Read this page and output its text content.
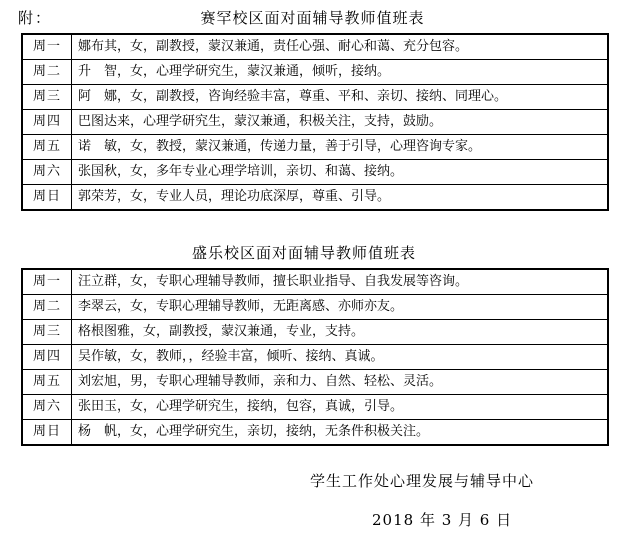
附：	赛罕校区面对面辅导教师值班表
周一	娜布其，女，副教授，蒙汉兼通，责任心强、耐心和蔼、充分包容。
周二	升　智，女，心理学研究生，蒙汉兼通，倾听，接纳。
周三	阿　娜，女，副教授，咨询经验丰富，尊重、平和、亲切、接纳、同理心。
周四	巴图达来，心理学研究生，蒙汉兼通，积极关注，支持，鼓励。
周五	诺　敏，女，教授，蒙汉兼通，传递力量，善于引导，心理咨询专家。
周六	张国秋，女，多年专业心理学培训，亲切、和蔼、接纳。
周日	郭荣芳，女，专业人员，理论功底深厚，尊重、引导。
盛乐校区面对面辅导教师值班表
周一	汪立群，女，专职心理辅导教师，擅长职业指导、自我发展等咨询。
周二	李翠云，女，专职心理辅导教师，无距离感、亦师亦友。
周三	格根图雅，女，副教授，蒙汉兼通，专业，支持。
周四	吴作敏，女，教师，，经验丰富，倾听、接纳、真诚。
周五	刘宏旭，男，专职心理辅导教师，亲和力、自然、轻松、灵活。
周六	张田玉，女，心理学研究生，接纳，包容，真诚，引导。
周日	杨　帆，女，心理学研究生，亲切，接纳，无条件积极关注。
学生工作处心理发展与辅导中心
2018 年 3 月 6 日
